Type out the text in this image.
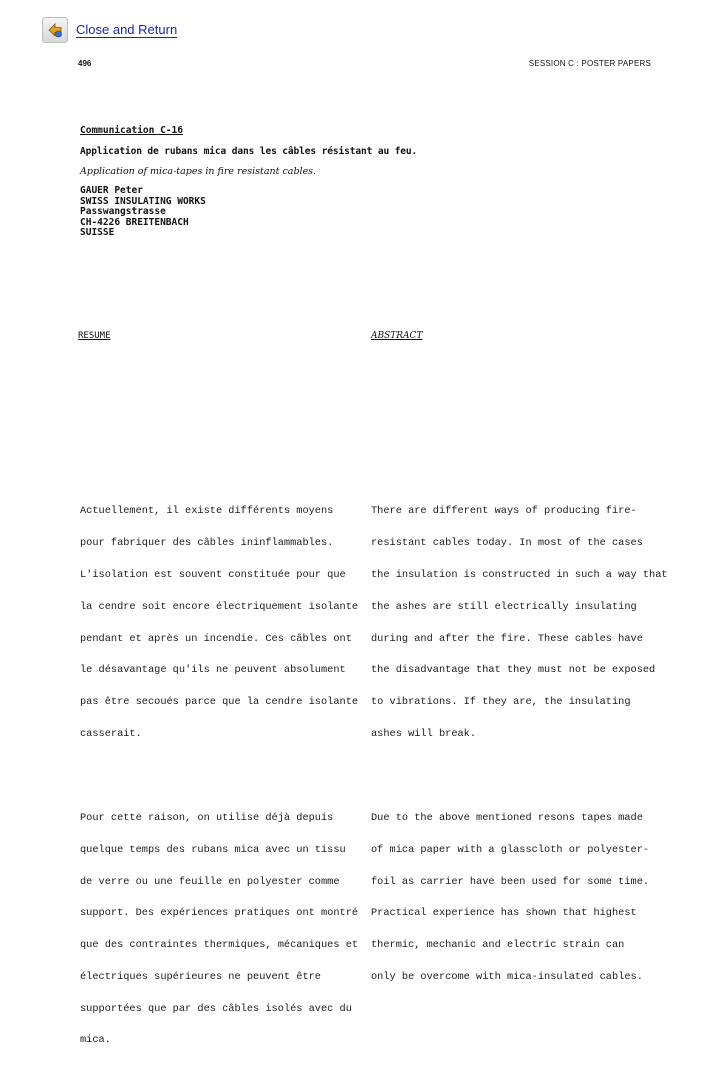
Close and Return
496	SESSION C : POSTER PAPERS
Communication C-16
Application de rubans mica dans les câbles résistant au feu.
Application of mica-tapes in fire resistant cables.
GAUER Peter
SWISS INSULATING WORKS
Passwangstrasse
CH-4226 BREITENBACH
SUISSE
RESUME	ABSTRACT

Actuellement, il existe différents moyens

pour fabriquer des câbles ininflammables.

L'isolation est souvent constituée pour que

la cendre soit encore électriquement isolante

pendant et après un incendie. Ces câbles ont

le désavantage qu'ils ne peuvent absolument

pas être secoués parce que la cendre isolante

casserait.

Pour cette raison, on utilise déjà depuis

quelque temps des rubans mica avec un tissu

de verre ou une feuille en polyester comme

support. Des expériences pratiques ont montré

que des contraintes thermiques, mécaniques et

électriques supérieures ne peuvent être

supportées que par des câbles isolés avec du

mica.

There are different ways of producing fire-

resistant cables today. In most of the cases

the insulation is constructed in such a way that

the ashes are still electrically insulating

during and after the fire. These cables have

the disadvantage that they must not be exposed

to vibrations. If they are, the insulating

ashes will break.

Due to the above mentioned resons tapes made

of mica paper with a glasscloth or polyester-

foil as carrier have been used for some time.

Practical experience has shown that highest

thermic, mechanic and electric strain can

only be overcome with mica-insulated cables.
